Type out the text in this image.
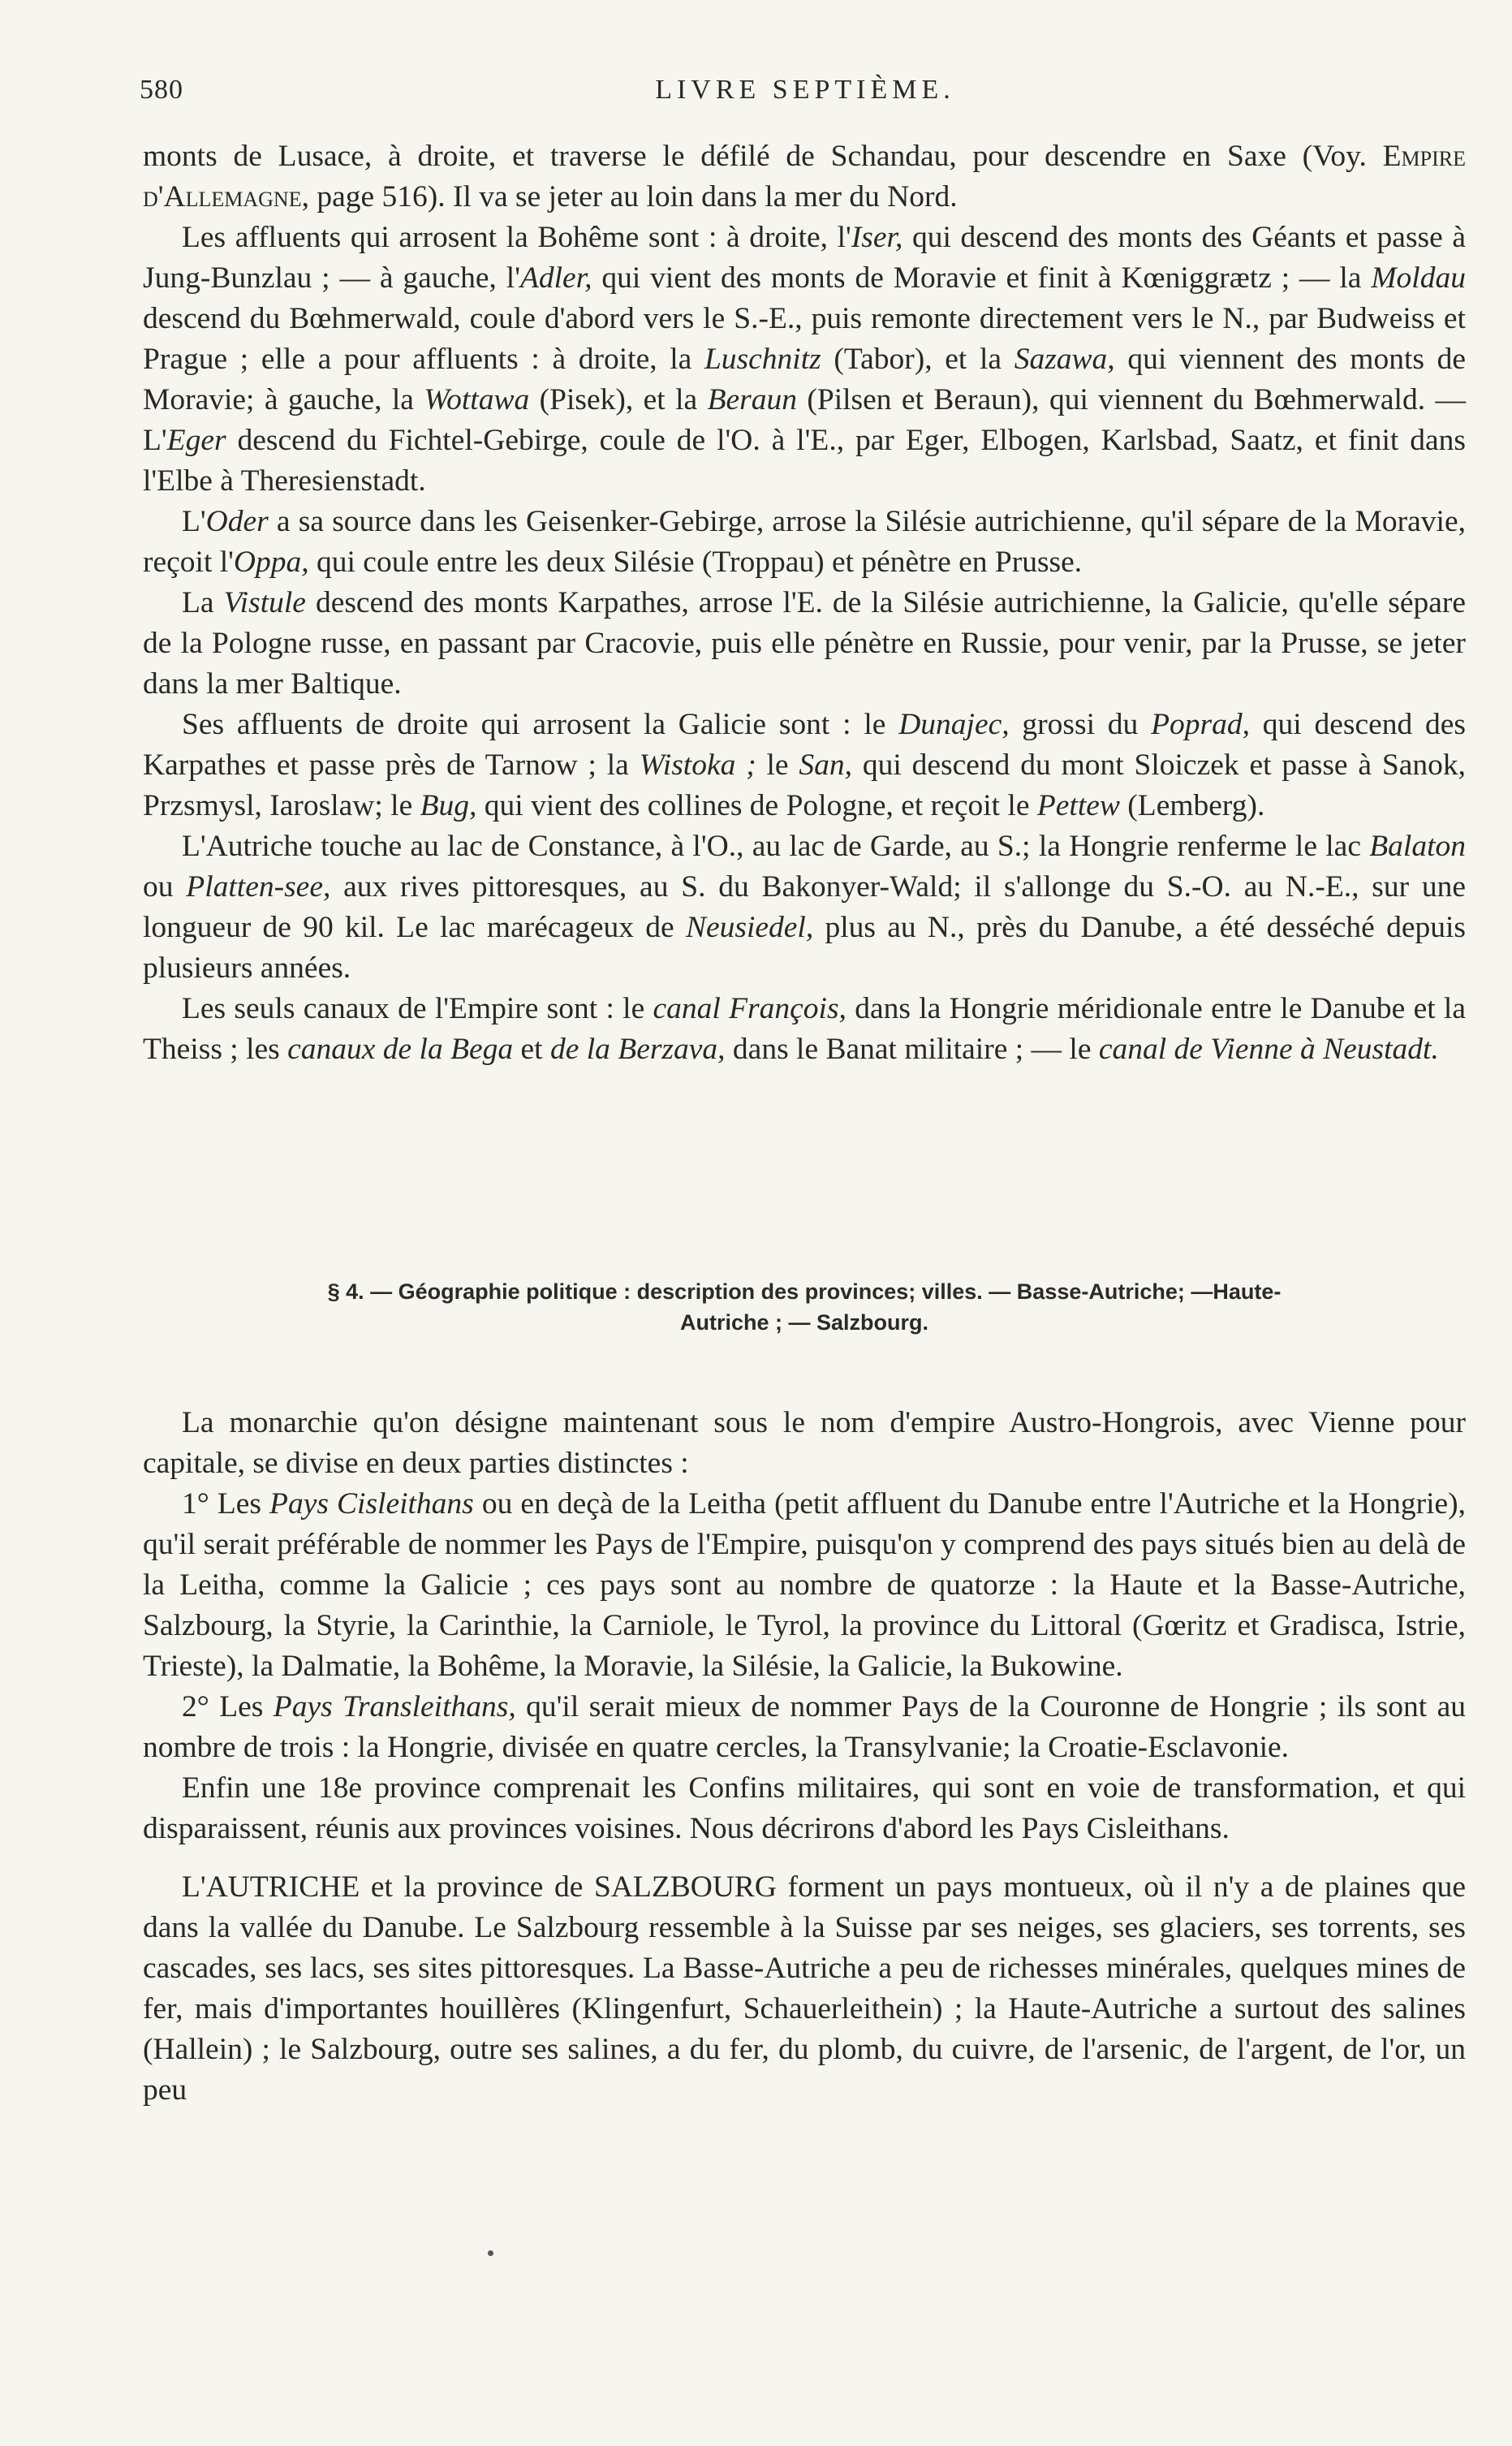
580	LIVRE SEPTIÈME.

monts de Lusace, à droite, et traverse le défilé de Schandau, pour descendre en Saxe (Voy. Empire d'Allemagne, page 516). Il va se jeter au loin dans la mer du Nord.

Les affluents qui arrosent la Bohême sont : à droite, l'Iser, qui descend des monts des Géants et passe à Jung-Bunzlau ; — à gauche, l'Adler, qui vient des monts de Moravie et finit à Kœniggrætz ; — la Moldau descend du Bœhmerwald, coule d'abord vers le S.-E., puis remonte directement vers le N., par Budweiss et Prague ; elle a pour affluents : à droite, la Luschnitz (Tabor), et la Sazawa, qui viennent des monts de Moravie; à gauche, la Wottawa (Pisek), et la Beraun (Pilsen et Beraun), qui viennent du Bœhmerwald. — L'Eger descend du Fichtel-Gebirge, coule de l'O. à l'E., par Eger, Elbogen, Karlsbad, Saatz, et finit dans l'Elbe à Theresienstadt.

L'Oder a sa source dans les Geisenker-Gebirge, arrose la Silésie autrichienne, qu'il sépare de la Moravie, reçoit l'Oppa, qui coule entre les deux Silésie (Troppau) et pénètre en Prusse.

La Vistule descend des monts Karpathes, arrose l'E. de la Silésie autrichienne, la Galicie, qu'elle sépare de la Pologne russe, en passant par Cracovie, puis elle pénètre en Russie, pour venir, par la Prusse, se jeter dans la mer Baltique.

Ses affluents de droite qui arrosent la Galicie sont : le Dunajec, grossi du Poprad, qui descend des Karpathes et passe près de Tarnow ; la Wistoka ; le San, qui descend du mont Sloiczek et passe à Sanok, Przsmysl, Iaroslaw; le Bug, qui vient des collines de Pologne, et reçoit le Pettew (Lemberg).

L'Autriche touche au lac de Constance, à l'O., au lac de Garde, au S.; la Hongrie renferme le lac Balaton ou Platten-see, aux rives pittoresques, au S. du Bakonyer-Wald; il s'allonge du S.-O. au N.-E., sur une longueur de 90 kil. Le lac marécageux de Neusiedel, plus au N., près du Danube, a été desséché depuis plusieurs années.

Les seuls canaux de l'Empire sont : le canal François, dans la Hongrie méridionale entre le Danube et la Theiss ; les canaux de la Bega et de la Berzava, dans le Banat militaire ; — le canal de Vienne à Neustadt.

§ 4. — Géographie politique : description des provinces; villes. — Basse-Autriche; —Haute-
Autriche ; — Salzbourg.

La monarchie qu'on désigne maintenant sous le nom d'empire Austro-Hongrois, avec Vienne pour capitale, se divise en deux parties distinctes :

1° Les Pays Cisleithans ou en deçà de la Leitha (petit affluent du Danube entre l'Autriche et la Hongrie), qu'il serait préférable de nommer les Pays de l'Empire, puisqu'on y comprend des pays situés bien au delà de la Leitha, comme la Galicie ; ces pays sont au nombre de quatorze : la Haute et la Basse-Autriche, Salzbourg, la Styrie, la Carinthie, la Carniole, le Tyrol, la province du Littoral (Gœritz et Gradisca, Istrie, Trieste), la Dalmatie, la Bohême, la Moravie, la Silésie, la Galicie, la Bukowine.

2° Les Pays Transleithans, qu'il serait mieux de nommer Pays de la Couronne de Hongrie ; ils sont au nombre de trois : la Hongrie, divisée en quatre cercles, la Transylvanie; la Croatie-Esclavonie.

Enfin une 18e province comprenait les Confins militaires, qui sont en voie de transformation, et qui disparaissent, réunis aux provinces voisines. Nous décrirons d'abord les Pays Cisleithans.

L'AUTRICHE et la province de SALZBOURG forment un pays montueux, où il n'y a de plaines que dans la vallée du Danube. Le Salzbourg ressemble à la Suisse par ses neiges, ses glaciers, ses torrents, ses cascades, ses lacs, ses sites pittoresques. La Basse-Autriche a peu de richesses minérales, quelques mines de fer, mais d'importantes houillères (Klingenfurt, Schauerleithein) ; la Haute-Autriche a surtout des salines (Hallein) ; le Salzbourg, outre ses salines, a du fer, du plomb, du cuivre, de l'arsenic, de l'argent, de l'or, un peu
